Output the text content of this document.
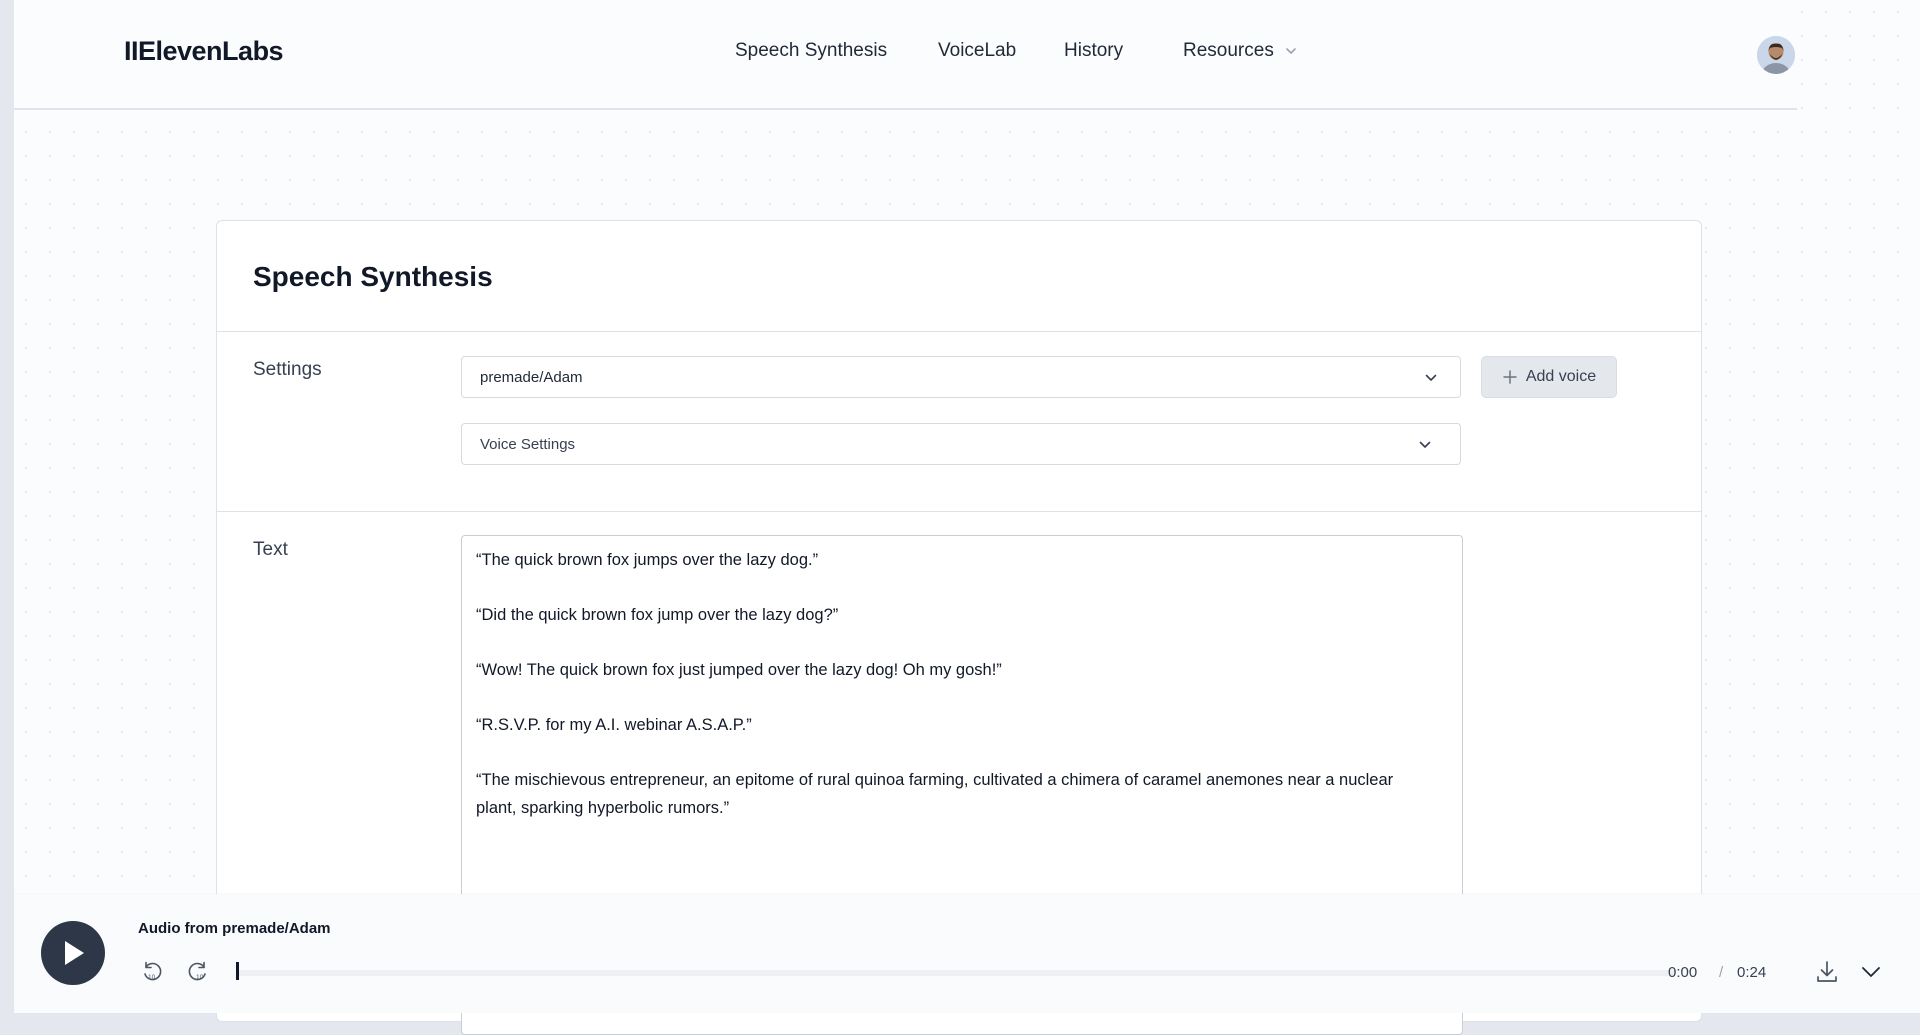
IIElevenLabs	Speech Synthesis	VoiceLab	History	Resources
Speech Synthesis
Settings	premade/Adam	Add voice
Voice Settings
Text	“The quick brown fox jumps over the lazy dog.”

“Did the quick brown fox jump over the lazy dog?”

“Wow! The quick brown fox just jumped over the lazy dog! Oh my gosh!”

“R.S.V.P. for my A.I. webinar A.S.A.P.”

“The mischievous entrepreneur, an epitome of rural quinoa farming, cultivated a chimera of caramel anemones near a nuclear plant, sparking hyperbolic rumors.”

Audio from premade/Adam
10	10	0:00 / 0:24
